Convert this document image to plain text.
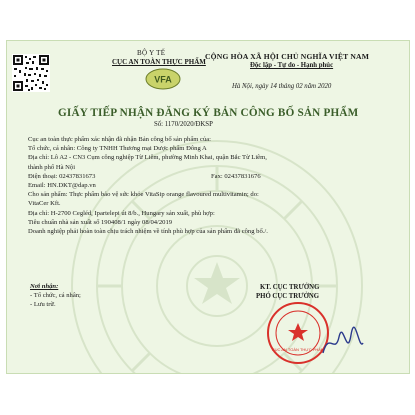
VFA
CỤC AN TOÀN THỰC PHẨM
BỘ Y TẾ
CỤC AN TOÀN THỰC PHẨM
CỘNG HÒA XÃ HỘI CHỦ NGHĨA VIỆT NAM
Độc lập - Tự do - Hạnh phúc
Hà Nội, ngày 14 tháng 02 năm 2020
GIẤY TIẾP NHẬN ĐĂNG KÝ BẢN CÔNG BỐ SẢN PHẨM
Số: 1170/2020/ĐKSP
Cục an toàn thực phẩm xác nhận đã nhận Bản công bố sản phẩm của:
Tổ chức, cá nhân: Công ty TNHH Thương mại Dược phẩm Đông A
Địa chỉ: Lô A2 - CN3 Cụm công nghiệp Từ Liêm, phường Minh Khai, quận Bắc Từ Liêm,
thành phố Hà Nội
Điện thoại: 02437831673	Fax: 02437831676
Email: HN.DKT@dap.vn
Cho sản phẩm: Thực phẩm bảo vệ sức khỏe VitaSip orange flavoured multivitamin; do:
VitaCer Kft.
Địa chỉ: H-2700 Cegléd, Ipartelepi út 8/b., Hungary sản xuất, phù hợp:
Tiêu chuẩn nhà sản xuất số 190408/1 ngày 08/04/2019
Doanh nghiệp phải hoàn toàn chịu trách nhiệm về tính phù hợp của sản phẩm đã công bố./.
Nơi nhận:
- Tổ chức, cá nhân;
- Lưu trữ.
KT. CỤC TRƯỞNG
PHÓ CỤC TRƯỞNG
